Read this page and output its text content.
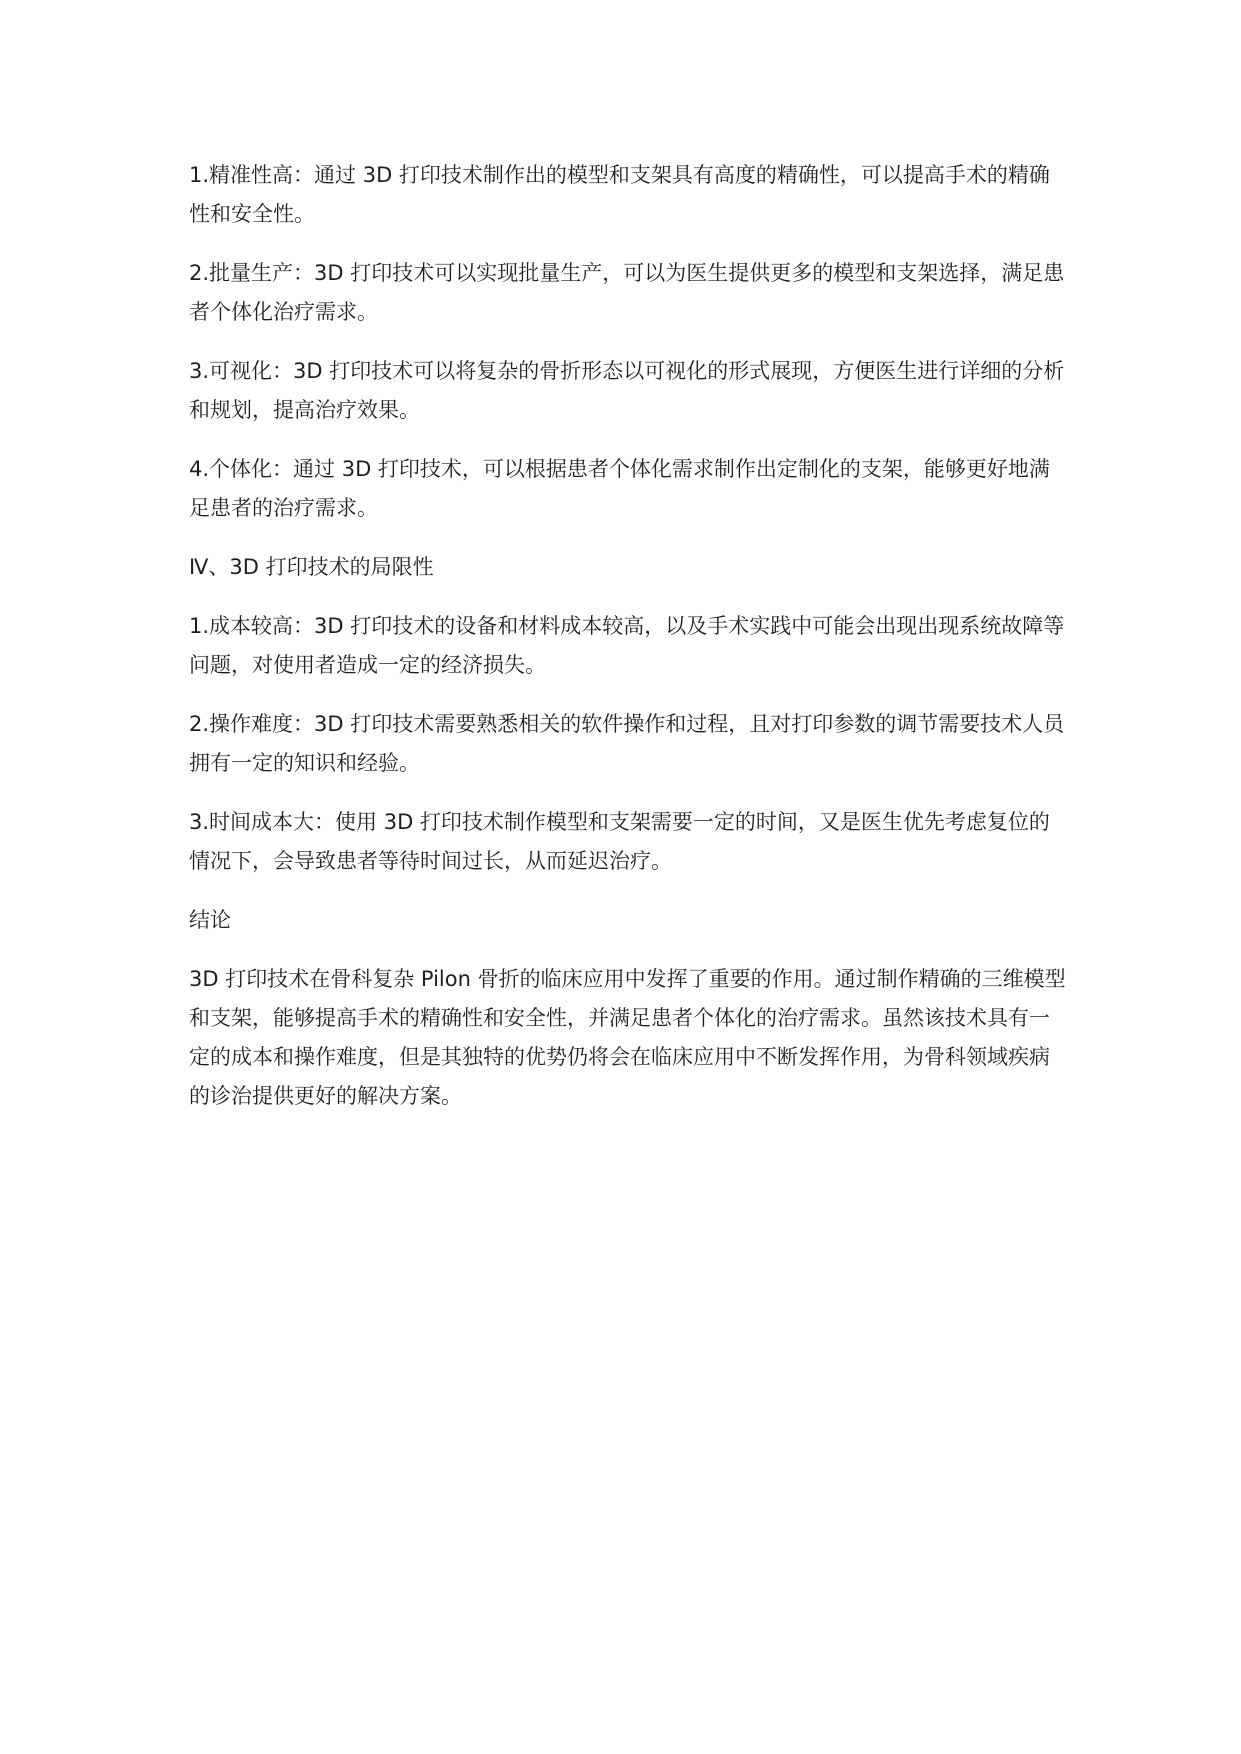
1.精准性高：通过 3D 打印技术制作出的模型和支架具有高度的精确性，可以提高手术的精确性和安全性。

2.批量生产：3D 打印技术可以实现批量生产，可以为医生提供更多的模型和支架选择，满足患者个体化治疗需求。

3.可视化：3D 打印技术可以将复杂的骨折形态以可视化的形式展现，方便医生进行详细的分析和规划，提高治疗效果。

4.个体化：通过 3D 打印技术，可以根据患者个体化需求制作出定制化的支架，能够更好地满足患者的治疗需求。

Ⅳ、3D 打印技术的局限性

1.成本较高：3D 打印技术的设备和材料成本较高，以及手术实践中可能会出现出现系统故障等问题，对使用者造成一定的经济损失。

2.操作难度：3D 打印技术需要熟悉相关的软件操作和过程，且对打印参数的调节需要技术人员拥有一定的知识和经验。

3.时间成本大：使用 3D 打印技术制作模型和支架需要一定的时间，又是医生优先考虑复位的情况下，会导致患者等待时间过长，从而延迟治疗。

结论

3D 打印技术在骨科复杂 Pilon 骨折的临床应用中发挥了重要的作用。通过制作精确的三维模型和支架，能够提高手术的精确性和安全性，并满足患者个体化的治疗需求。虽然该技术具有一定的成本和操作难度，但是其独特的优势仍将会在临床应用中不断发挥作用，为骨科领域疾病的诊治提供更好的解决方案。
